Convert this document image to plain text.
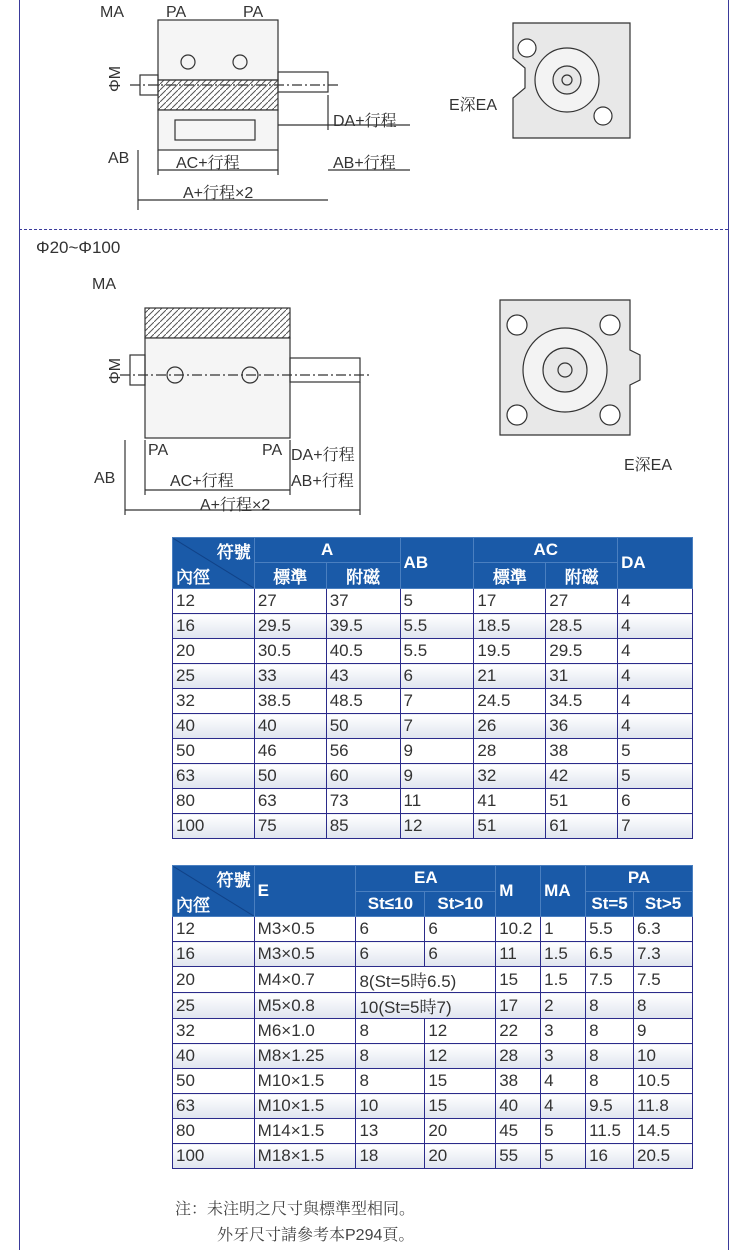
MA	PA	PA
ΦM
DA+行程
AB	AC+行程	AB+行程
A+行程×2
E深EA
Φ20~Φ100
MA
ΦM
PA	PA DA+行程
AB	AC+行程	AB+行程
A+行程×2
E深EA
符號
內徑	A		AB	AC		DA
	標準	附磁		標準	附磁	
12	27	37	5	17	27	4
16	29.5	39.5	5.5	18.5	28.5	4
20	30.5	40.5	5.5	19.5	29.5	4
25	33	43	6	21	31	4
32	38.5	48.5	7	24.5	34.5	4
40	40	50	7	26	36	4
50	46	56	9	28	38	5
63	50	60	9	32	42	5
80	63	73	11	41	51	6
100	75	85	12	51	61	7
符號
內徑	E	EA		M	MA	PA	
		St≤10	St>10			St=5	St>5
12	M3×0.5	6	6	10.2	1	5.5	6.3
16	M3×0.5	6	6	11	1.5	6.5	7.3
20	M4×0.7	8(St=5時6.5)		15	1.5	7.5	7.5
25	M5×0.8	10(St=5時7)		17	2	8	8
32	M6×1.0	8	12	22	3	8	9
40	M8×1.25	8	12	28	3	8	10
50	M10×1.5	8	15	38	4	8	10.5
63	M10×1.5	10	15	40	4	9.5	11.8
80	M14×1.5	13	20	45	5	11.5	14.5
100	M18×1.5	18	20	55	5	16	20.5
注：未注明之尺寸與標準型相同。
外牙尺寸請參考本P294頁。
